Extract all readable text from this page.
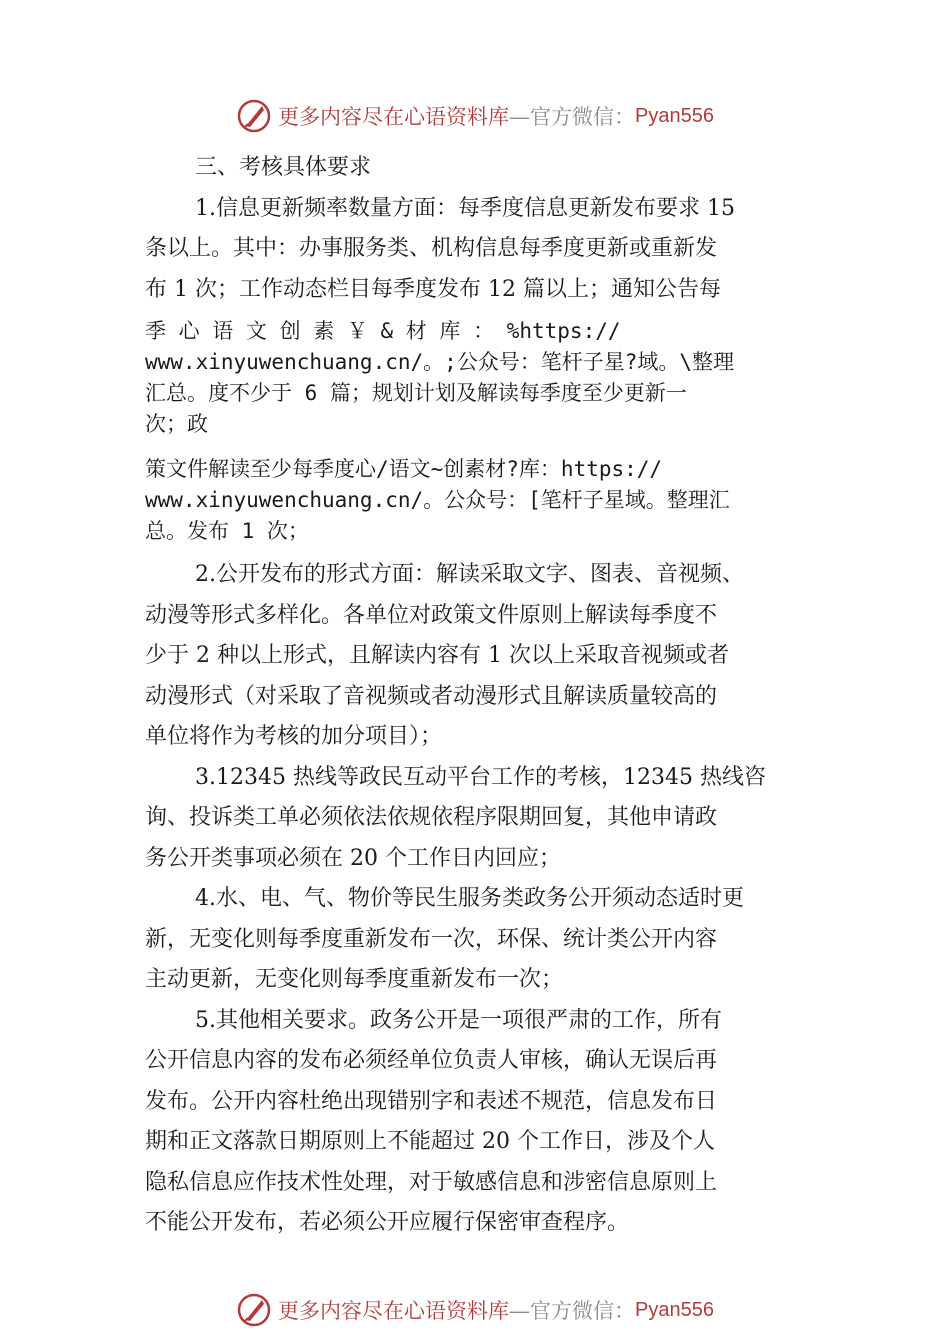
更多内容尽在心语资料库 —官方微信： Pyan556
三、考核具体要求
1.信息更新频率数量方面：每季度信息更新发布要求 15
条以上。其中：办事服务类、机构信息每季度更新或重新发
布 1 次；工作动态栏目每季度发布 12 篇以上；通知公告每
季 心 语 文 创 素 ￥ & 材 库 ： %https://
www.xinyuwenchuang.cn/。;公众号：笔杆子星?域。\整理
汇总。度不少于 6 篇；规划计划及解读每季度至少更新一
次；政
策文件解读至少每季度心/语文~创素材?库：https://
www.xinyuwenchuang.cn/。公众号：[笔杆子星域。整理汇
总。发布 1 次；
2.公开发布的形式方面：解读采取文字、图表、音视频、
动漫等形式多样化。各单位对政策文件原则上解读每季度不
少于 2 种以上形式，且解读内容有 1 次以上采取音视频或者
动漫形式（对采取了音视频或者动漫形式且解读质量较高的
单位将作为考核的加分项目）；
3.12345 热线等政民互动平台工作的考核，12345 热线咨
询、投诉类工单必须依法依规依程序限期回复，其他申请政
务公开类事项必须在 20 个工作日内回应；
4.水、电、气、物价等民生服务类政务公开须动态适时更
新，无变化则每季度重新发布一次，环保、统计类公开内容
主动更新，无变化则每季度重新发布一次；
5.其他相关要求。政务公开是一项很严肃的工作，所有
公开信息内容的发布必须经单位负责人审核，确认无误后再
发布。公开内容杜绝出现错别字和表述不规范，信息发布日
期和正文落款日期原则上不能超过 20 个工作日，涉及个人
隐私信息应作技术性处理，对于敏感信息和涉密信息原则上
不能公开发布，若必须公开应履行保密审查程序。
更多内容尽在心语资料库 —官方微信： Pyan556
